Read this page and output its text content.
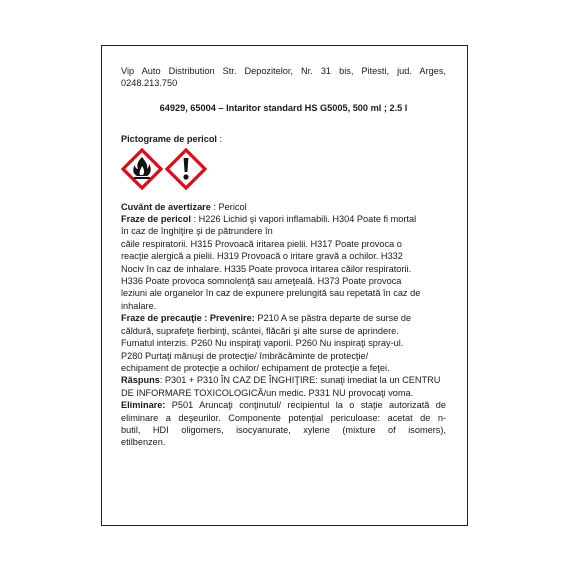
Vip Auto Distribution Str. Depozitelor, Nr. 31 bis, Pitesti, jud. Arges,
0248.213.750
64929, 65004 – Intaritor standard HS G5005, 500 ml ; 2.5 l
Pictograme de pericol :
Cuvânt de avertizare : Pericol
Fraze de pericol : H226 Lichid şi vapori inflamabili. H304 Poate fi mortal
în caz de înghiţire şi de pătrundere în
căile respiratorii. H315 Provoacă iritarea pielii. H317 Poate provoca o
reacţie alergică a pielii. H319 Provoacă o iritare gravă a ochilor. H332
Nociv în caz de inhalare. H335 Poate provoca iritarea căilor respiratorii.
H336 Poate provoca somnolenţă sau ameţeală. H373 Poate provoca
leziuni ale organelor în caz de expunere prelungită sau repetată în caz de
inhalare.
Fraze de precauţie : Prevenire: P210 A se păstra departe de surse de
căldură, suprafeţe fierbinţi, scântei, flăcări şi alte surse de aprindere.
Fumatul interzis. P260 Nu inspiraţi vaporii. P260 Nu inspiraţi spray-ul.
P280 Purtaţi mănuşi de protecţie/ îmbrăcăminte de protecţie/
echipament de protecţie a ochilor/ echipament de protecţie a feţei.
Răspuns: P301 + P310 ÎN CAZ DE ÎNGHIŢIRE: sunaţi imediat la un CENTRU
DE INFORMARE TOXICOLOGICĂ/un medic. P331 NU provocaţi voma.
Eliminare: P501 Aruncaţi conţinutul/ recipientul la o staţie autorizată de
eliminare a deşeurilor. Componente potenţial periculoase: acetat de n-
butil, HDI oligomers, isocyanurate, xylene (mixture of isomers),
etilbenzen.
